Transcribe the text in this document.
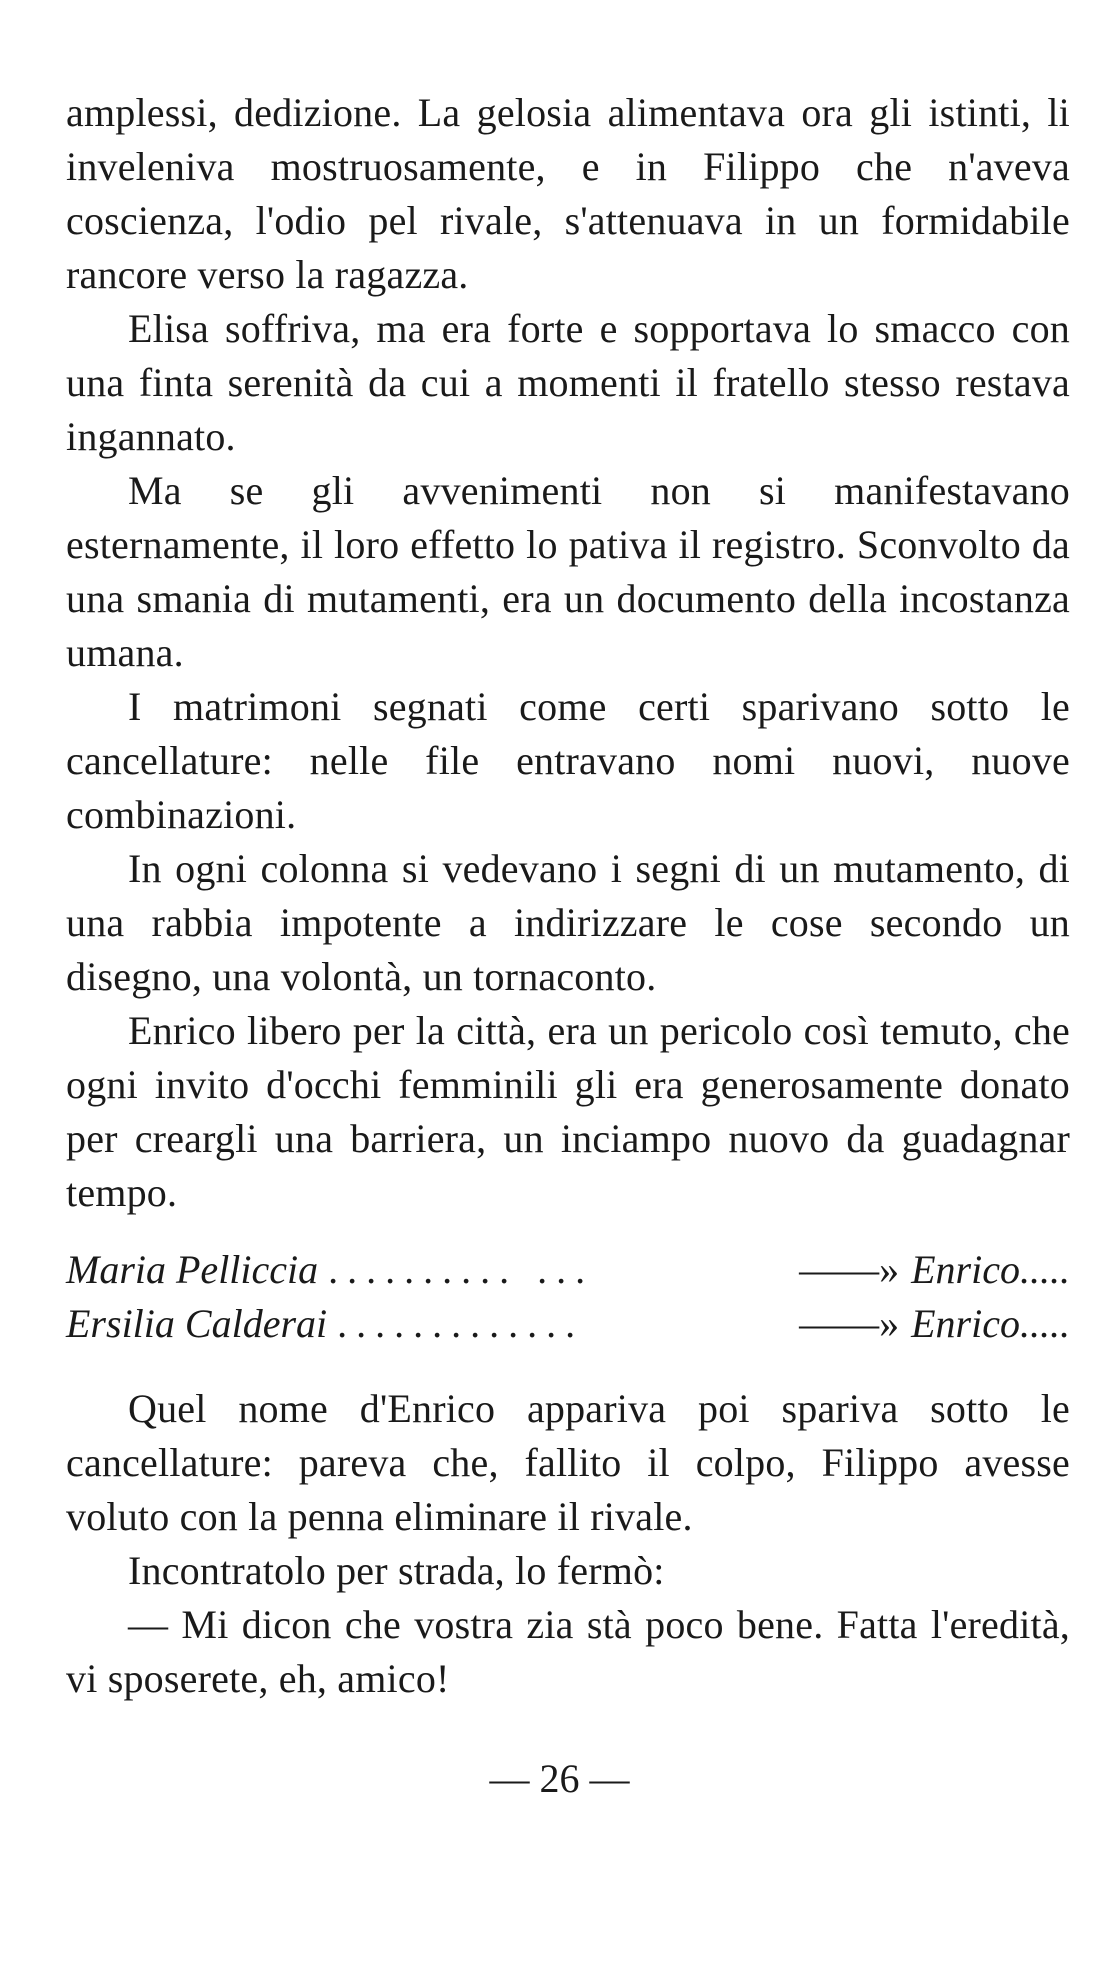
amplessi, dedizione. La gelosia alimentava ora gli istinti, li inveleniva mostruosamente, e in Filippo che n'aveva coscienza, l'odio pel rivale, s'attenuava in un formidabile rancore verso la ragazza.

Elisa soffriva, ma era forte e sopportava lo smacco con una finta serenità da cui a momenti il fratello stesso restava ingannato.

Ma se gli avvenimenti non si manifestavano esternamente, il loro effetto lo pativa il registro. Sconvolto da una smania di mutamenti, era un documento della incostanza umana.

I matrimoni segnati come certi sparivano sotto le cancellature: nelle file entravano nomi nuovi, nuove combinazioni.

In ogni colonna si vedevano i segni di un mutamento, di una rabbia impotente a indirizzare le cose secondo un disegno, una volontà, un tornaconto.

Enrico libero per la città, era un pericolo così temuto, che ogni invito d'occhi femminili gli era generosamente donato per creargli una barriera, un inciampo nuovo da guadagnar tempo.

Maria Pelliccia .......... ...	——» Enrico.....
Ersilia Calderai .............	——» Enrico.....

Quel nome d'Enrico appariva poi spariva sotto le cancellature: pareva che, fallito il colpo, Filippo avesse voluto con la penna eliminare il rivale.

Incontratolo per strada, lo fermò:

— Mi dicon che vostra zia stà poco bene. Fatta l'eredità, vi sposerete, eh, amico!

— 26 —
